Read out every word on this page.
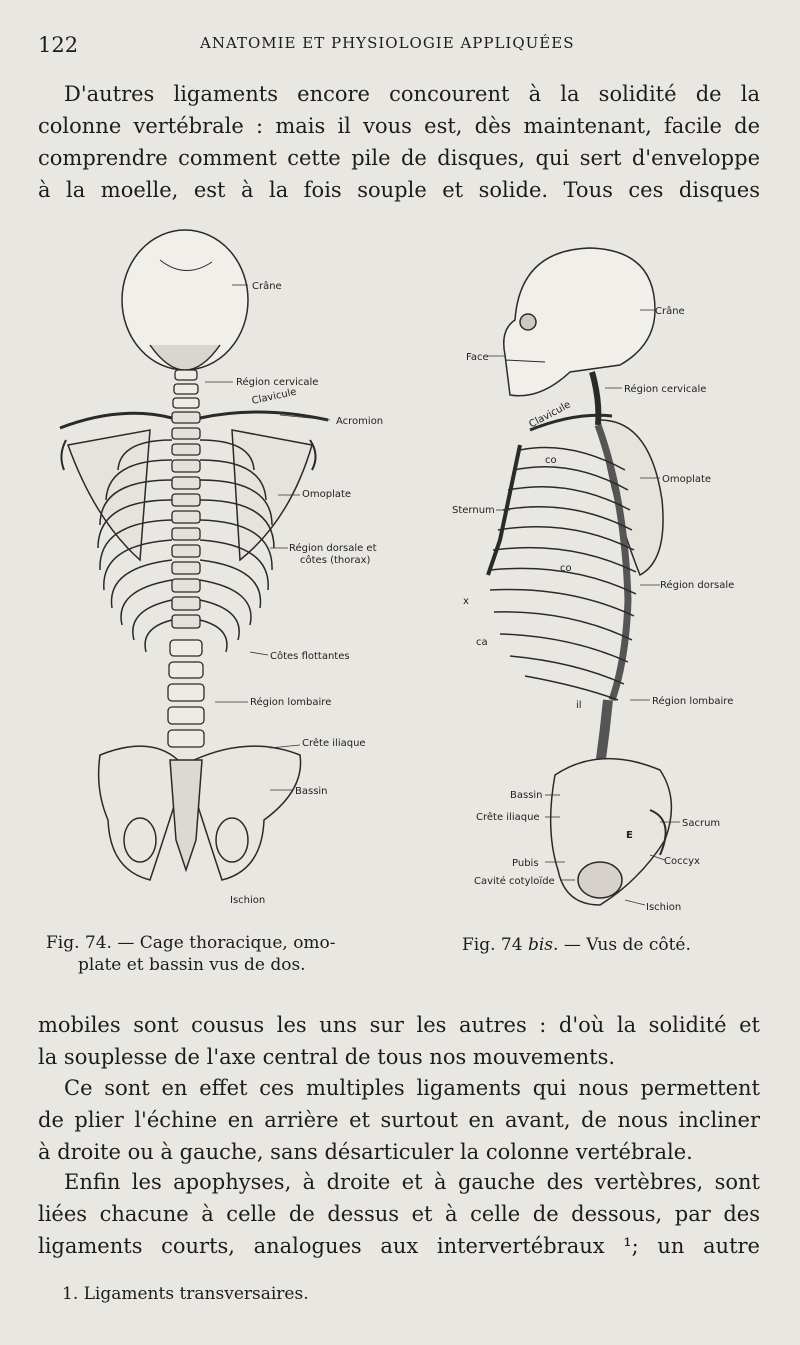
122	ANATOMIE ET PHYSIOLOGIE APPLIQUÉES
D'autres ligaments encore concourent à la solidité de la
colonne vertébrale : mais il vous est, dès maintenant, facile de
comprendre comment cette pile de disques, qui sert d'enveloppe
à la moelle, est à la fois souple et solide. Tous ces disques
Crâne
Région cervicale
Clavicule
Acromion
Omoplate
Région dorsale et
côtes (thorax)
Côtes flottantes
Région lombaire
Crête iliaque
Bassin
Ischion
Crâne
Face
Région cervicale
Clavicule
co
Omoplate
Sternum
co
Région dorsale
x
ca
il	Région lombaire
Bassin
Crête iliaque
Sacrum
E
Pubis	Coccyx
Cavité cotyloïde
Ischion
Fig. 74. — Cage thoracique, omo-
plate et bassin vus de dos.
Fig. 74 bis. — Vus de côté.
mobiles sont cousus les uns sur les autres : d'où la solidité et
la souplesse de l'axe central de tous nos mouvements.
Ce sont en effet ces multiples ligaments qui nous permettent
de plier l'échine en arrière et surtout en avant, de nous incliner
à droite ou à gauche, sans désarticuler la colonne vertébrale.
Enfin les apophyses, à droite et à gauche des vertèbres, sont
liées chacune à celle de dessus et à celle de dessous, par des
ligaments courts, analogues aux intervertébraux ¹; un autre
1. Ligaments transversaires.
